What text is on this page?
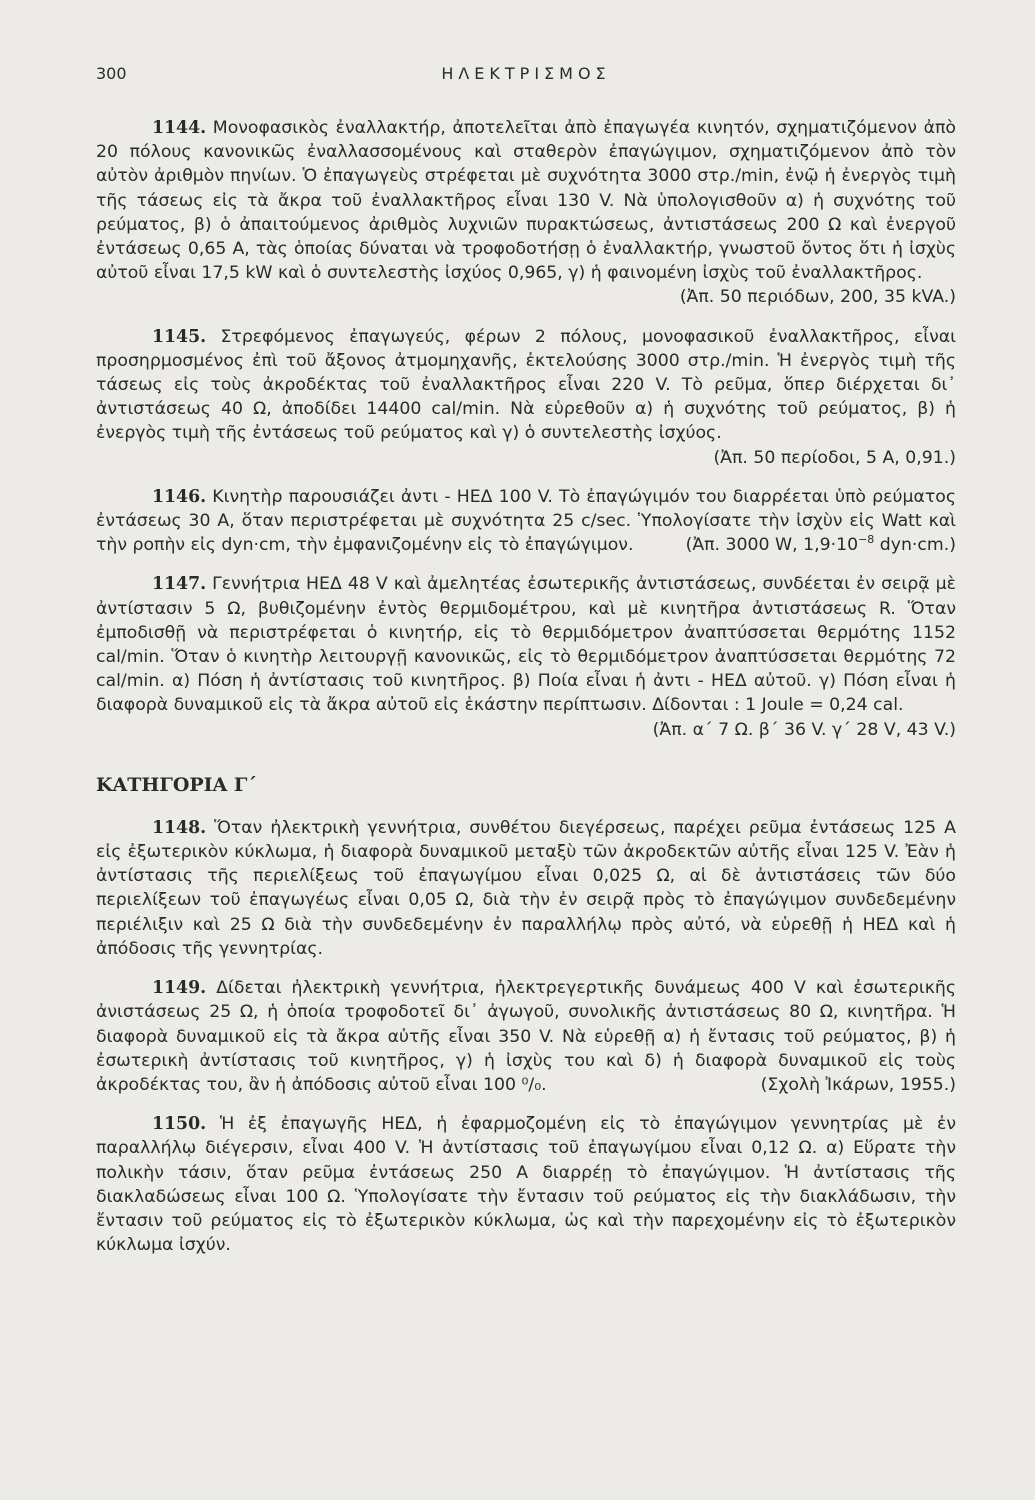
300	ΗΛΕΚΤΡΙΣΜΟΣ
1144. Μονοφασικὸς ἐναλλακτήρ, ἀποτελεῖται ἀπὸ ἐπαγωγέα κινητόν, σχηματιζόμενον ἀπὸ 20 πόλους κανονικῶς ἐναλλασσομένους καὶ σταθερὸν ἐπαγώγιμον, σχηματιζόμενον ἀπὸ τὸν αὐτὸν ἀριθμὸν πηνίων. Ὁ ἐπαγωγεὺς στρέφεται μὲ συχνότητα 3000 στρ./min, ἐνῷ ἡ ἐνεργὸς τιμὴ τῆς τάσεως εἰς τὰ ἄκρα τοῦ ἐναλλακτῆρος εἶναι 130 V. Νὰ ὑπολογισθοῦν α) ἡ συχνότης τοῦ ρεύματος, β) ὁ ἀπαιτούμενος ἀριθμὸς λυχνιῶν πυρακτώσεως, ἀντιστάσεως 200 Ω καὶ ἐνεργοῦ ἐντάσεως 0,65 A, τὰς ὁποίας δύναται νὰ τροφοδοτήσῃ ὁ ἐναλλακτήρ, γνωστοῦ ὄντος ὅτι ἡ ἰσχὺς αὐτοῦ εἶναι 17,5 kW καὶ ὁ συντελεστὴς ἰσχύος 0,965, γ) ἡ φαινομένη ἰσχὺς τοῦ ἐναλλακτῆρος.
(Ἀπ. 50 περιόδων, 200, 35 kVA.)
1145. Στρεφόμενος ἐπαγωγεύς, φέρων 2 πόλους, μονοφασικοῦ ἐναλλακτῆρος, εἶναι προσηρμοσμένος ἐπὶ τοῦ ἄξονος ἀτμομηχανῆς, ἐκτελούσης 3000 στρ./min. Ἡ ἐνεργὸς τιμὴ τῆς τάσεως εἰς τοὺς ἀκροδέκτας τοῦ ἐναλλακτῆρος εἶναι 220 V. Τὸ ρεῦμα, ὅπερ διέρχεται δι᾽ ἀντιστάσεως 40 Ω, ἀποδίδει 14400 cal/min. Νὰ εὑρεθοῦν α) ἡ συχνότης τοῦ ρεύματος, β) ἡ ἐνεργὸς τιμὴ τῆς ἐντάσεως τοῦ ρεύματος καὶ γ) ὁ συντελεστὴς ἰσχύος.
(Ἀπ. 50 περίοδοι, 5 A, 0,91.)
1146. Κινητὴρ παρουσιάζει ἀντι - ΗΕΔ 100 V. Τὸ ἐπαγώγιμόν του διαρρέεται ὑπὸ ρεύματος ἐντάσεως 30 A, ὅταν περιστρέφεται μὲ συχνότητα 25 c/sec. Ὑπολογίσατε τὴν ἰσχὺν εἰς Watt καὶ τὴν ροπὴν εἰς dyn·cm, τὴν ἐμφανιζομένην εἰς τὸ ἐπαγώγιμον.	(Ἀπ. 3000 W, $1,9\cdot 10^{-8}$ dyn·cm.)
1147. Γεννήτρια ΗΕΔ 48 V καὶ ἀμελητέας ἐσωτερικῆς ἀντιστάσεως, συνδέεται ἐν σειρᾷ μὲ ἀντίστασιν 5 Ω, βυθιζομένην ἐντὸς θερμιδομέτρου, καὶ μὲ κινητῆρα ἀντιστάσεως R. Ὅταν ἐμποδισθῇ νὰ περιστρέφεται ὁ κινητήρ, εἰς τὸ θερμιδόμετρον ἀναπτύσσεται θερμότης 1152 cal/min. Ὅταν ὁ κινητὴρ λειτουργῇ κανονικῶς, εἰς τὸ θερμιδόμετρον ἀναπτύσσεται θερμότης 72 cal/min. α) Πόση ἡ ἀντίστασις τοῦ κινητῆρος. β) Ποία εἶναι ἡ ἀντι - ΗΕΔ αὐτοῦ. γ) Πόση εἶναι ἡ διαφορὰ δυναμικοῦ εἰς τὰ ἄκρα αὐτοῦ εἰς ἑκάστην περίπτωσιν. Δίδονται : 1 Joule = 0,24 cal.
(Ἀπ. α΄ 7 Ω. β΄ 36 V. γ΄ 28 V, 43 V.)
ΚΑΤΗΓΟΡΙΑ Γ΄
1148. Ὅταν ἠλεκτρικὴ γεννήτρια, συνθέτου διεγέρσεως, παρέχει ρεῦμα ἐντάσεως 125 A εἰς ἐξωτερικὸν κύκλωμα, ἡ διαφορὰ δυναμικοῦ μεταξὺ τῶν ἀκροδεκτῶν αὐτῆς εἶναι 125 V. Ἐὰν ἡ ἀντίστασις τῆς περιελίξεως τοῦ ἐπαγωγίμου εἶναι 0,025 Ω, αἱ δὲ ἀντιστάσεις τῶν δύο περιελίξεων τοῦ ἐπαγωγέως εἶναι 0,05 Ω, διὰ τὴν ἐν σειρᾷ πρὸς τὸ ἐπαγώγιμον συνδεδεμένην περιέλιξιν καὶ 25 Ω διὰ τὴν συνδεδεμένην ἐν παραλλήλῳ πρὸς αὐτό, νὰ εὑρεθῇ ἡ ΗΕΔ καὶ ἡ ἀπόδοσις τῆς γεννητρίας.
1149. Δίδεται ἠλεκτρικὴ γεννήτρια, ἠλεκτρεγερτικῆς δυνάμεως 400 V καὶ ἐσωτερικῆς ἀνιστάσεως 25 Ω, ἡ ὁποία τροφοδοτεῖ δι᾽ ἀγωγοῦ, συνολικῆς ἀντιστάσεως 80 Ω, κινητῆρα. Ἡ διαφορὰ δυναμικοῦ εἰς τὰ ἄκρα αὐτῆς εἶναι 350 V. Νὰ εὑρεθῇ α) ἡ ἔντασις τοῦ ρεύματος, β) ἡ ἐσωτερικὴ ἀντίστασις τοῦ κινητῆρος, γ) ἡ ἰσχὺς του καὶ δ) ἡ διαφορὰ δυναμικοῦ εἰς τοὺς ἀκροδέκτας του, ἂν ἡ ἀπόδοσις αὐτοῦ εἶναι 100 ⁰/₀.	(Σχολὴ Ἰκάρων, 1955.)
1150. Ἡ ἐξ ἐπαγωγῆς ΗΕΔ, ἡ ἐφαρμοζομένη εἰς τὸ ἐπαγώγιμον γεννητρίας μὲ ἐν παραλλήλῳ διέγερσιν, εἶναι 400 V. Ἡ ἀντίστασις τοῦ ἐπαγωγίμου εἶναι 0,12 Ω. α) Εὕρατε τὴν πολικὴν τάσιν, ὅταν ρεῦμα ἐντάσεως 250 A διαρρέῃ τὸ ἐπαγώγιμον. Ἡ ἀντίστασις τῆς διακλαδώσεως εἶναι 100 Ω. Ὑπολογίσατε τὴν ἔντασιν τοῦ ρεύματος εἰς τὴν διακλάδωσιν, τὴν ἔντασιν τοῦ ρεύματος εἰς τὸ ἐξωτερικὸν κύκλωμα, ὡς καὶ τὴν παρεχομένην εἰς τὸ ἐξωτερικὸν κύκλωμα ἰσχύν.
